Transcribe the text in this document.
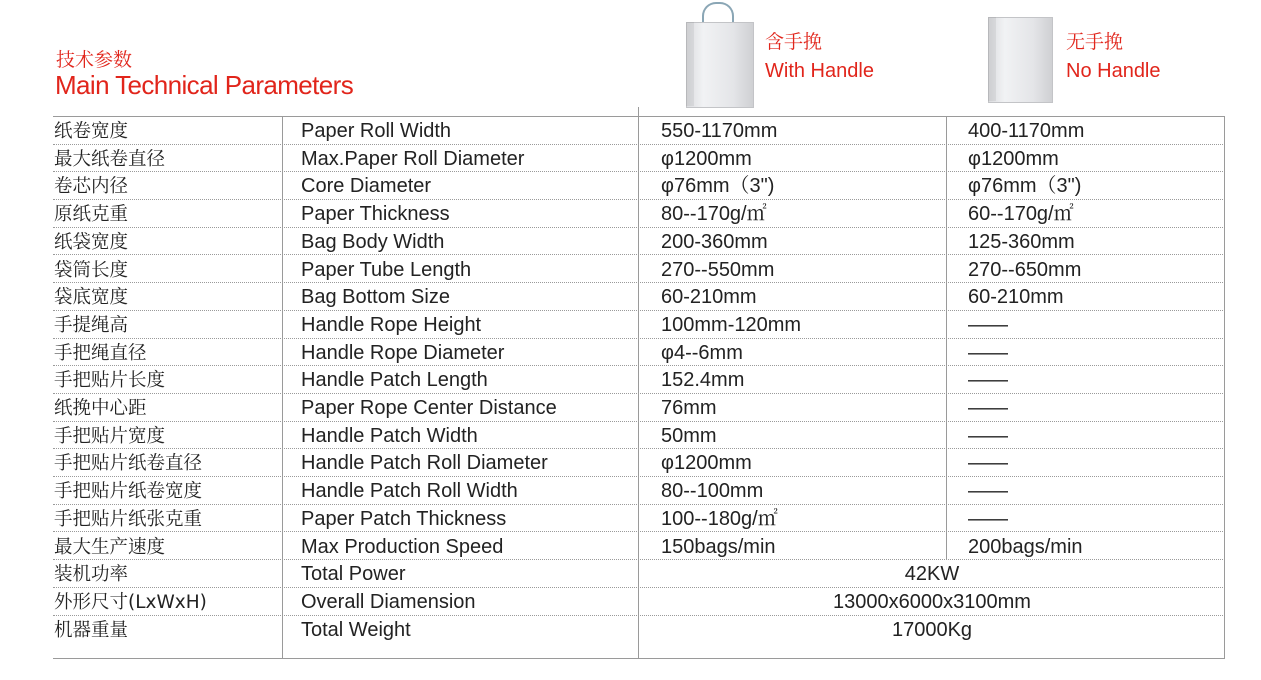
技术参数
Main Technical Parameters
含手挽
With Handle
无手挽
No Handle
纸卷宽度	Paper Roll Width	550-1170mm	400-1170mm
最大纸卷直径	Max.Paper Roll Diameter	φ1200mm	φ1200mm
卷芯内径	Core Diameter	φ76mm（3")	φ76mm（3")
原纸克重	Paper Thickness	80--170g/㎡	60--170g/㎡
纸袋宽度	Bag Body Width	200-360mm	125-360mm
袋筒长度	Paper Tube Length	270--550mm	270--650mm
袋底宽度	Bag Bottom Size	60-210mm	60-210mm
手提绳高	Handle Rope Height	100mm-120mm	——
手把绳直径	Handle Rope Diameter	φ4--6mm	——
手把贴片长度	Handle Patch Length	152.4mm	——
纸挽中心距	Paper Rope Center Distance	76mm	——
手把贴片宽度	Handle Patch Width	50mm	——
手把贴片纸卷直径	Handle Patch Roll Diameter	φ1200mm	——
手把贴片纸卷宽度	Handle Patch Roll Width	80--100mm	——
手把贴片纸张克重	Paper Patch Thickness	100--180g/㎡	——
最大生产速度	Max Production Speed	150bags/min	200bags/min
装机功率	Total Power	42KW
外形尺寸(LxWxH)	Overall Diamension	13000x6000x3100mm
机器重量	Total Weight	17000Kg
